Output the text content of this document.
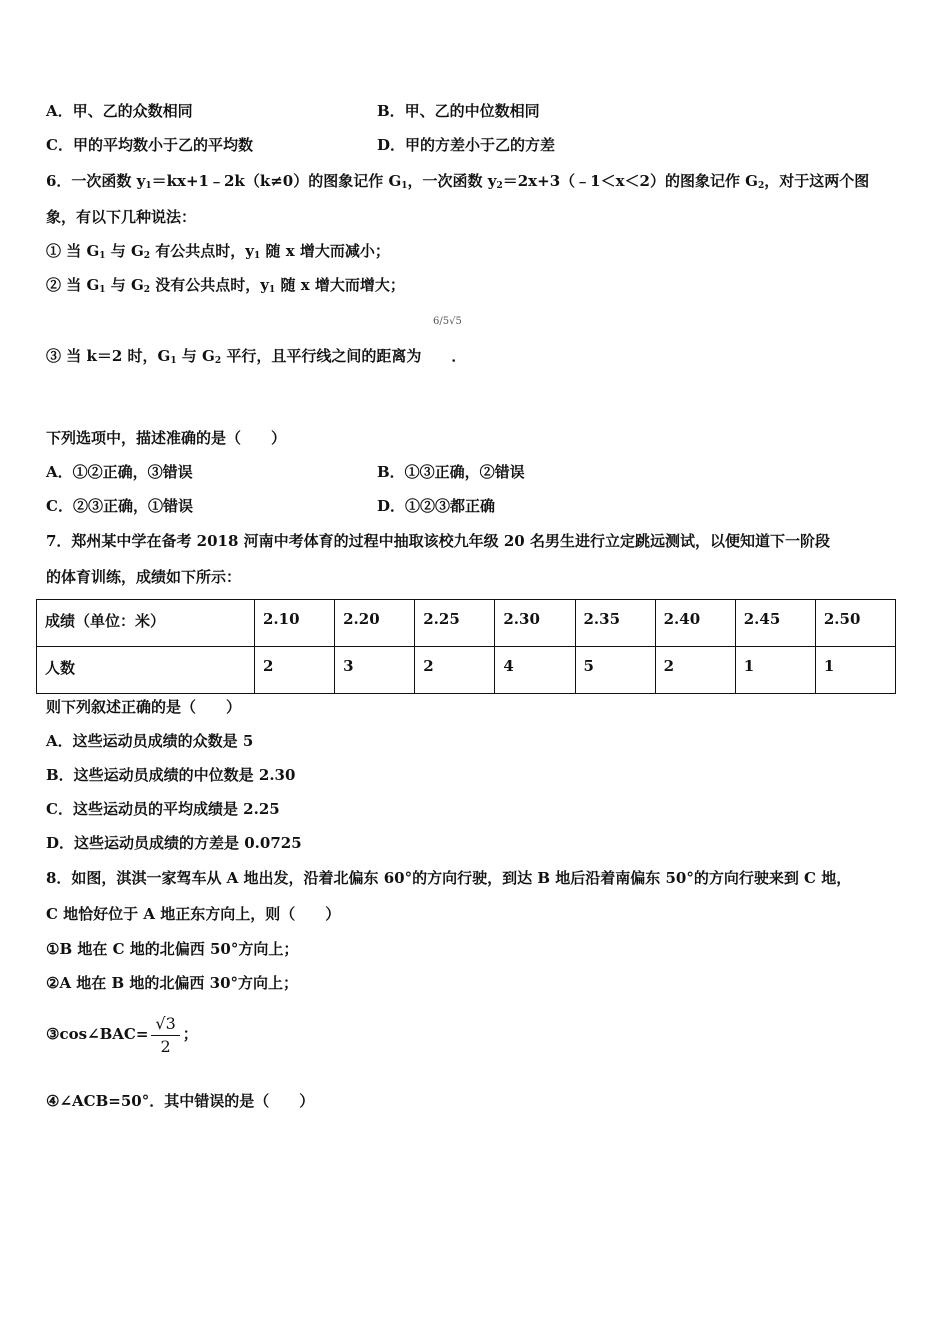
A．甲、乙的众数相同	B．甲、乙的中位数相同
C．甲的平均数小于乙的平均数	D．甲的方差小于乙的方差
6．一次函数 $y_1=kx+1﹣2k(k\ne 0)$的图象记作 $G_1$，一次函数 $y_2=2x+3(﹣1<x<2)$的图象记作 $G_2$，对于这两个图
象，有以下几种说法：
① 当 $G_1$ 与 $G_2$ 有公共点时，$y_1$ 随 x 增大而减小；
② 当 $G_1$ 与 $G_2$ 没有公共点时，$y_1$ 随 x 增大而增大；
6/5√5
③ 当 k＝2 时，$G_1$ 与 $G_2$ 平行，且平行线之间的距离为 ．
下列选项中，描述准确的是（　　）
A．①②正确，③错误	B．①③正确，②错误
C．②③正确，①错误	D．①②③都正确
7．郑州某中学在备考 2018 河南中考体育的过程中抽取该校九年级 20 名男生进行立定跳远测试，以便知道下一阶段
的体育训练，成绩如下所示：
成绩（单位：米）	2.10	2.20	2.25	2.30	2.35	2.40	2.45	2.50
人数	2	3	2	4	5	2	1	1
则下列叙述正确的是（　　）
A．这些运动员成绩的众数是 5
B．这些运动员成绩的中位数是 2.30
C．这些运动员的平均成绩是 2.25
D．这些运动员成绩的方差是 0.0725
8．如图，淇淇一家驾车从 A 地出发，沿着北偏东 60°的方向行驶，到达 B 地后沿着南偏东 50°的方向行驶来到 C 地，
C 地恰好位于 A 地正东方向上，则（　　）
①B 地在 C 地的北偏西 50°方向上；
②A 地在 B 地的北偏西 30°方向上；
③cos∠BAC= $\frac{√3}{2}$ ；
④∠ACB=50°．其中错误的是（　　）
